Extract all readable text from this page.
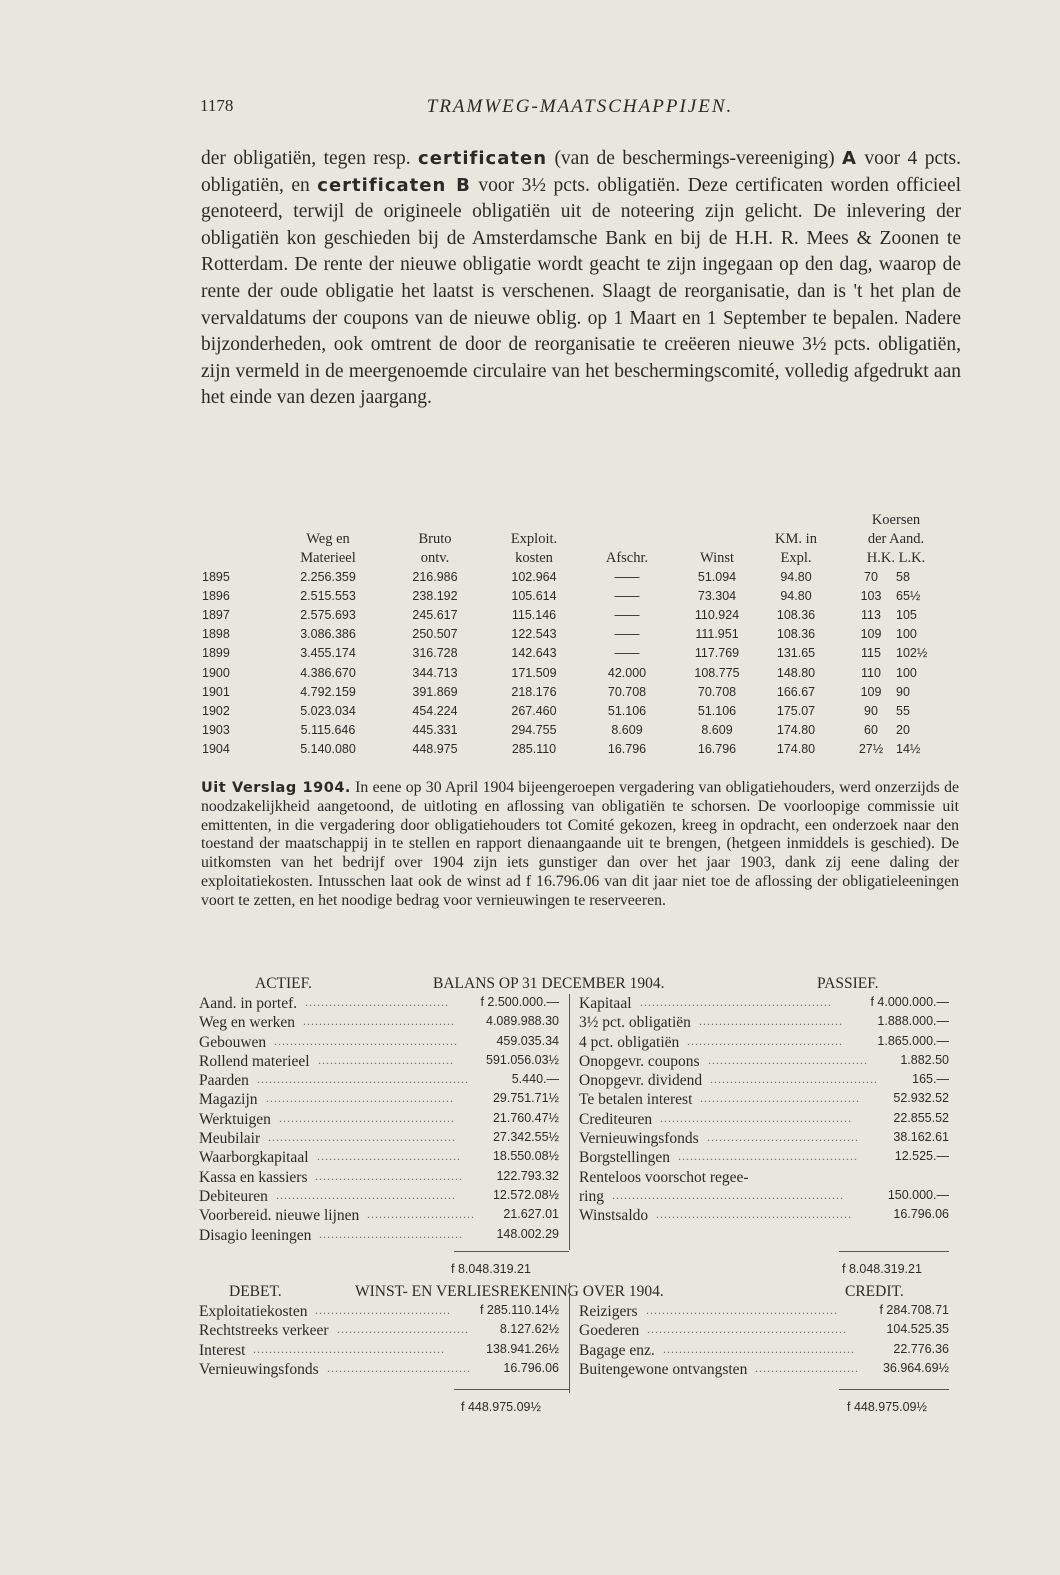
1178	TRAMWEG-MAATSCHAPPIJEN.
der obligatiën, tegen resp. certificaten (van de beschermings-vereeniging) A voor 4 pcts. obligatiën, en certificaten B voor 3½ pcts. obligatiën. Deze certificaten worden officieel genoteerd, terwijl de origineele obligatiën uit de noteering zijn gelicht. De inlevering der obligatiën kon geschieden bij de Amsterdamsche Bank en bij de H.H. R. Mees & Zoonen te Rotterdam. De rente der nieuwe obligatie wordt geacht te zijn ingegaan op den dag, waarop de rente der oude obligatie het laatst is verschenen. Slaagt de reorganisatie, dan is 't het plan de vervaldatums der coupons van de nieuwe oblig. op 1 Maart en 1 September te bepalen. Nadere bijzonderheden, ook omtrent de door de reorganisatie te creëeren nieuwe 3½ pcts. obligatiën, zijn vermeld in de meergenoemde circulaire van het beschermingscomité, volledig afgedrukt aan het einde van dezen jaargang.
Koersen
Weg en	Bruto	Exploit.	KM. in	der Aand.
Materieel	ontv.	kosten	Afschr.	Winst	Expl.	H.K. L.K.
1895	2.256.359	216.986	102.964	——	51.094	94.80	70	58
1896	2.515.553	238.192	105.614	——	73.304	94.80	103	65½
1897	2.575.693	245.617	115.146	——	110.924	108.36	113	105
1898	3.086.386	250.507	122.543	——	111.951	108.36	109	100
1899	3.455.174	316.728	142.643	——	117.769	131.65	115	102½
1900	4.386.670	344.713	171.509	42.000	108.775	148.80	110	100
1901	4.792.159	391.869	218.176	70.708	70.708	166.67	109	90
1902	5.023.034	454.224	267.460	51.106	51.106	175.07	90	55
1903	5.115.646	445.331	294.755	8.609	8.609	174.80	60	20
1904	5.140.080	448.975	285.110	16.796	16.796	174.80	27½ 14½
Uit Verslag 1904. In eene op 30 April 1904 bijeengeroepen vergadering van obligatiehouders, werd onzerzijds de noodzakelijkheid aangetoond, de uitloting en aflossing van obligatiën te schorsen. De voorloopige commissie uit emittenten, in die vergadering door obligatiehouders tot Comité gekozen, kreeg in opdracht, een onderzoek naar den toestand der maatschappij in te stellen en rapport dienaangaande uit te brengen, (hetgeen inmiddels is geschied). De uitkomsten van het bedrijf over 1904 zijn iets gunstiger dan over het jaar 1903, dank zij eene daling der exploitatiekosten. Intusschen laat ook de winst ad f 16.796.06 van dit jaar niet toe de aflossing der obligatieleeningen voort te zetten, en het noodige bedrag voor vernieuwingen te reserveeren.
ACTIEF.	BALANS OP 31 DECEMBER 1904.	PASSIEF.
Aand. in portef. ....................................	f 2.500.000.—
Weg en werken ......................................	4.089.988.30
Gebouwen ..............................................	459.035.34
Rollend materieel ..................................	591.056.03½
Paarden .....................................................	5.440.—
Magazijn ...............................................	29.751.71½
Werktuigen ............................................	21.760.47½
Meubilair ...............................................	27.342.55½
Waarborgkapitaal ....................................	18.550.08½
Kassa en kassiers .....................................	122.793.32
Debiteuren .............................................	12.572.08½
Voorbereid. nieuwe lijnen ...........................	21.627.01
Disagio leeningen ....................................	148.002.29
Kapitaal ................................................	f 4.000.000.—
3½ pct. obligatiën ....................................	1.888.000.—
4 pct. obligatiën .......................................	1.865.000.—
Onopgevr. coupons ........................................	1.882.50
Onopgevr. dividend ..........................................	165.—
Te betalen interest ........................................	52.932.52
Crediteuren ................................................	22.855.52
Vernieuwingsfonds ......................................	38.162.61
Borgstellingen .............................................	12.525.—
Renteloos voorschot regee-
ring ..........................................................	150.000.—
Winstsaldo .................................................	16.796.06
f 8.048.319.21	f 8.048.319.21
DEBET.	WINST- EN VERLIESREKENING OVER 1904.	CREDIT.
Exploitatiekosten ..................................	f 285.110.14½
Rechtstreeks verkeer .................................	8.127.62½
Interest ................................................	138.941.26½
Vernieuwingsfonds ....................................	16.796.06
Reizigers ................................................	f 284.708.71
Goederen ..................................................	104.525.35
Bagage enz. ................................................	22.776.36
Buitengewone ontvangsten ..........................	36.964.69½
f 448.975.09½	f 448.975.09½
